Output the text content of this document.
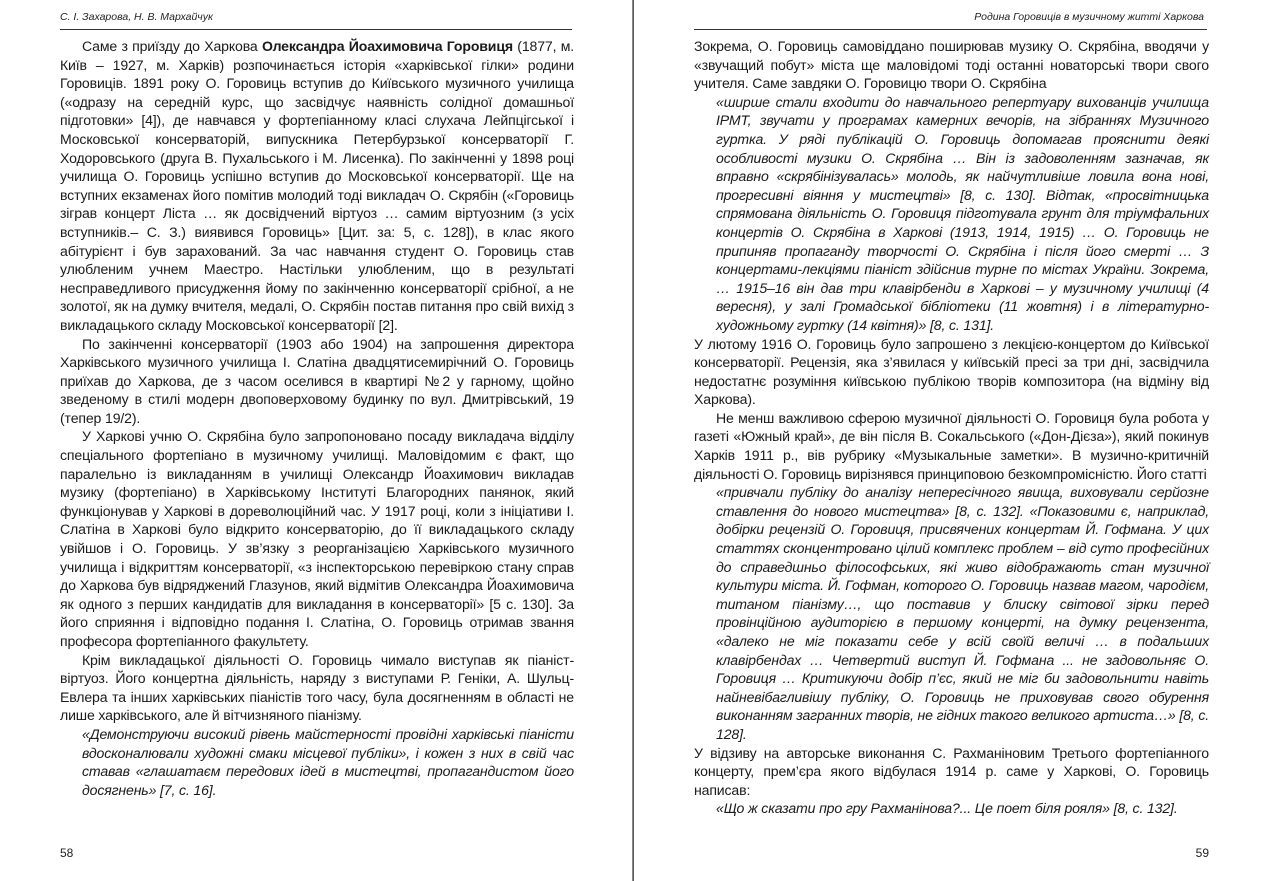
С. І. Захарова, Н. В. Мархайчук

Саме з приїзду до Харкова Олександра Йоахимовича Горовиця (1877, м. Київ – 1927, м. Харків) розпочинається історія «харківської гілки» родини Горовиців. 1891 року О. Горовиць вступив до Київського музичного училища («одразу на середній курс, що засвідчує наявність солідної домашньої підготовки» [4]), де навчався у фортепіанному класі слухача Лейпцігської і Московської консерваторій, випускника Петербурзької консерваторії Г. Ходоровського (друга В. Пухальського і М. Лисенка). По закінченні у 1898 році училища О. Горовиць успішно вступив до Московської консерваторії. Ще на вступних екзаменах його помітив молодий тоді викладач О. Скрябін («Горовиць зіграв концерт Ліста … як досвідчений віртуоз … самим віртуозним (з усіх вступників.– С. З.) виявився Горовиць» [Цит. за: 5, с. 128]), в клас якого абітурієнт і був зарахований. За час навчання студент О. Горовиць став улюбленим учнем Маестро. Настільки улюбленим, що в результаті несправедливого присудження йому по закінченню консерваторії срібної, а не золотої, як на думку вчителя, медалі, О. Скрябін постав питання про свій вихід з викладацького складу Московської консерваторії [2].

По закінченні консерваторії (1903 або 1904) на запрошення директора Харківського музичного училища І. Слатіна двадцятисемирічний О. Горовиць приїхав до Харкова, де з часом оселився в квартирі №2 у гарному, щойно зведеному в стилі модерн двоповерховому будинку по вул. Дмитрівський, 19 (тепер 19/2).

У Харкові учню О. Скрябіна було запропоновано посаду викладача відділу спеціального фортепіано в музичному училищі. Маловідомим є факт, що паралельно із викладанням в училищі Олександр Йоахимович викладав музику (фортепіано) в Харківському Інституті Благородних панянок, який функціонував у Харкові в дореволюційний час. У 1917 році, коли з ініціативи І. Слатіна в Харкові було відкрито консерваторію, до її викладацького складу увійшов і О. Горовиць. У зв’язку з реорганізацією Харківського музичного училища і відкриттям консерваторії, «з інспекторською перевіркою стану справ до Харкова був відряджений Глазунов, який відмітив Олександра Йоахимовича як одного з перших кандидатів для викладання в консерваторії» [5 с. 130]. За його сприяння і відповідно подання І. Слатіна, О. Горовиць отримав звання професора фортепіанного факультету.

Крім викладацької діяльності О. Горовиць чимало виступав як піаніст-віртуоз. Його концертна діяльність, наряду з виступами Р. Геніки, А. Шульц-Евлера та інших харківських піаністів того часу, була досягненням в області не лише харківського, але й вітчизняного піанізму.

«Демонструючи високий рівень майстерності провідні харківські піаністи вдосконалювали художні смаки місцевої публіки», і кожен з них в свій час ставав «глашатаєм передових ідей в мистецтві, пропагандистом його досягнень» [7, с. 16].

58
Родина Горовиців в музичному житті Харкова

Зокрема, О. Горовиць самовіддано поширював музику О. Скрябіна, вводячи у «звучащий побут» міста ще маловідомі тоді останні новаторські твори свого учителя. Саме завдяки О. Горовицю твори О. Скрябіна

«ширше стали входити до навчального репертуару вихованців училища ІРМТ, звучати у програмах камерних вечорів, на зібраннях Музичного гуртка. У ряді публікацій О. Горовиць допомагав прояснити деякі особливості музики О. Скрябіна … Він із задоволенням зазначав, як вправно «скрябінізувалась» молодь, як найчутливіше ловила вона нові, прогресивні віяння у мистецтві» [8, с. 130]. Відтак, «просвітницька спрямована діяльність О. Горовиця підготувала грунт для тріумфальних концертів О. Скрябіна в Харкові (1913, 1914, 1915) … О. Горовиць не припиняв пропаганду творчості О. Скрябіна і після його смерті … З концертами-лекціями піаніст здійснив турне по містах України. Зокрема, … 1915–16 він дав три клавірбенди в Харкові – у музичному училищі (4 вересня), у залі Громадської бібліотеки (11 жовтня) і в літературно-художньому гуртку (14 квітня)» [8, с. 131].

У лютому 1916 О. Горовиць було запрошено з лекцією-концертом до Київської консерваторії. Рецензія, яка з’явилася у київській пресі за три дні, засвідчила недостатнє розуміння київською публікою творів композитора (на відміну від Харкова).

Не менш важливою сферою музичної діяльності О. Горовиця була робота у газеті «Южный край», де він після В. Сокальського («Дон-Дієза»), який покинув Харків 1911 р., вів рубрику «Музыкальные заметки». В музично-критичній діяльності О. Горовиць вирізнявся принциповою безкомпромісністю. Його статті

«привчали публіку до аналізу непересічного явища, виховували серйозне ставлення до нового мистецтва» [8, с. 132]. «Показовими є, наприклад, добірки рецензій О. Горовиця, присвячених концертам Й. Гофмана. У цих статтях сконцентровано цілий комплекс проблем – від суто професійних до справедшньо філософських, які живо відображають стан музичної культури міста. Й. Гофман, которого О. Горовиць назвав магом, чародієм, титаном піанізму…, що поставив у блиску світової зірки перед провінційною аудиторією в першому концерті, на думку рецензента, «далеко не міг показати себе у всій своїй величі … в подальших клавірбендах … Четвертий виступ Й. Гофмана ... не задовольняє О. Горовиця … Критикуючи добір п’єс, який не міг би задовольнити навіть найневібагливішу публіку, О. Горовиць не приховував свого обурення виконанням загранних творів, не гідних такого великого артиста…» [8, с. 128].

У відзиву на авторське виконання С. Рахманіновим Третього фортепіанного концерту, прем’єра якого відбулася 1914 р. саме у Харкові, О. Горовиць написав:

«Що ж сказати про гру Рахманінова?... Це поет біля рояля» [8, с. 132].

59
